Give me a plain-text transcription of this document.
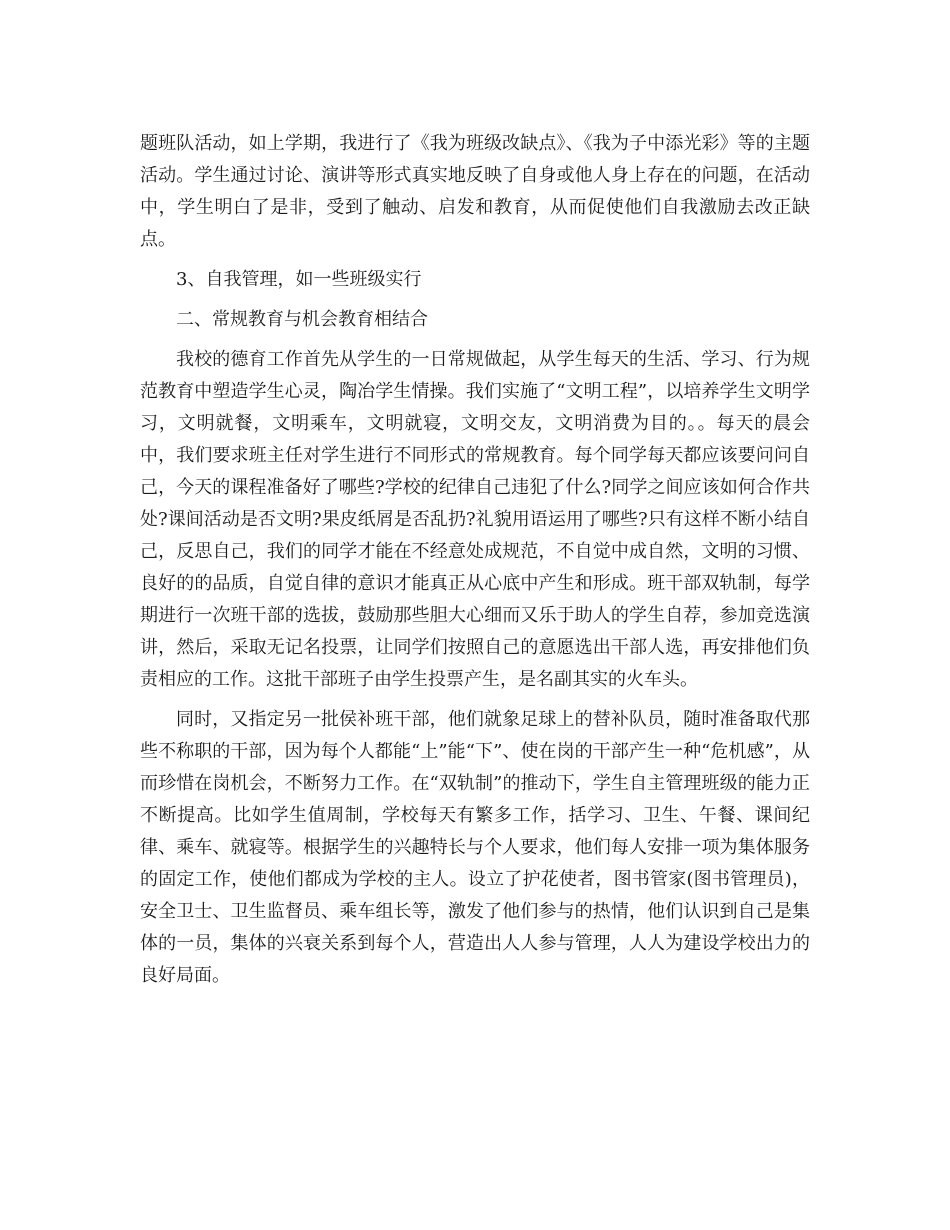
题班队活动，如上学期，我进行了《我为班级改缺点》、《我为子中添光彩》等的主题活动。学生通过讨论、演讲等形式真实地反映了自身或他人身上存在的问题，在活动中，学生明白了是非，受到了触动、启发和教育，从而促使他们自我激励去改正缺点。

3、自我管理，如一些班级实行

二、常规教育与机会教育相结合

我校的德育工作首先从学生的一日常规做起，从学生每天的生活、学习、行为规范教育中塑造学生心灵，陶冶学生情操。我们实施了“文明工程”，以培养学生文明学习，文明就餐，文明乘车，文明就寝，文明交友，文明消费为目的。。每天的晨会中，我们要求班主任对学生进行不同形式的常规教育。每个同学每天都应该要问问自己，今天的课程准备好了哪些?学校的纪律自己违犯了什么?同学之间应该如何合作共处?课间活动是否文明?果皮纸屑是否乱扔?礼貌用语运用了哪些?只有这样不断小结自己，反思自己，我们的同学才能在不经意处成规范，不自觉中成自然，文明的习惯、良好的的品质，自觉自律的意识才能真正从心底中产生和形成。班干部双轨制，每学期进行一次班干部的选拔，鼓励那些胆大心细而又乐于助人的学生自荐，参加竞选演讲，然后，采取无记名投票，让同学们按照自己的意愿选出干部人选，再安排他们负责相应的工作。这批干部班子由学生投票产生，是名副其实的火车头。

同时，又指定另一批侯补班干部，他们就象足球上的替补队员，随时准备取代那些不称职的干部，因为每个人都能“上”能“下”、使在岗的干部产生一种“危机感”，从而珍惜在岗机会，不断努力工作。在“双轨制”的推动下，学生自主管理班级的能力正不断提高。比如学生值周制，学校每天有繁多工作，括学习、卫生、午餐、课间纪律、乘车、就寝等。根据学生的兴趣特长与个人要求，他们每人安排一项为集体服务的固定工作，使他们都成为学校的主人。设立了护花使者，图书管家(图书管理员)，安全卫士、卫生监督员、乘车组长等，激发了他们参与的热情，他们认识到自己是集体的一员，集体的兴衰关系到每个人，营造出人人参与管理，人人为建设学校出力的良好局面。
